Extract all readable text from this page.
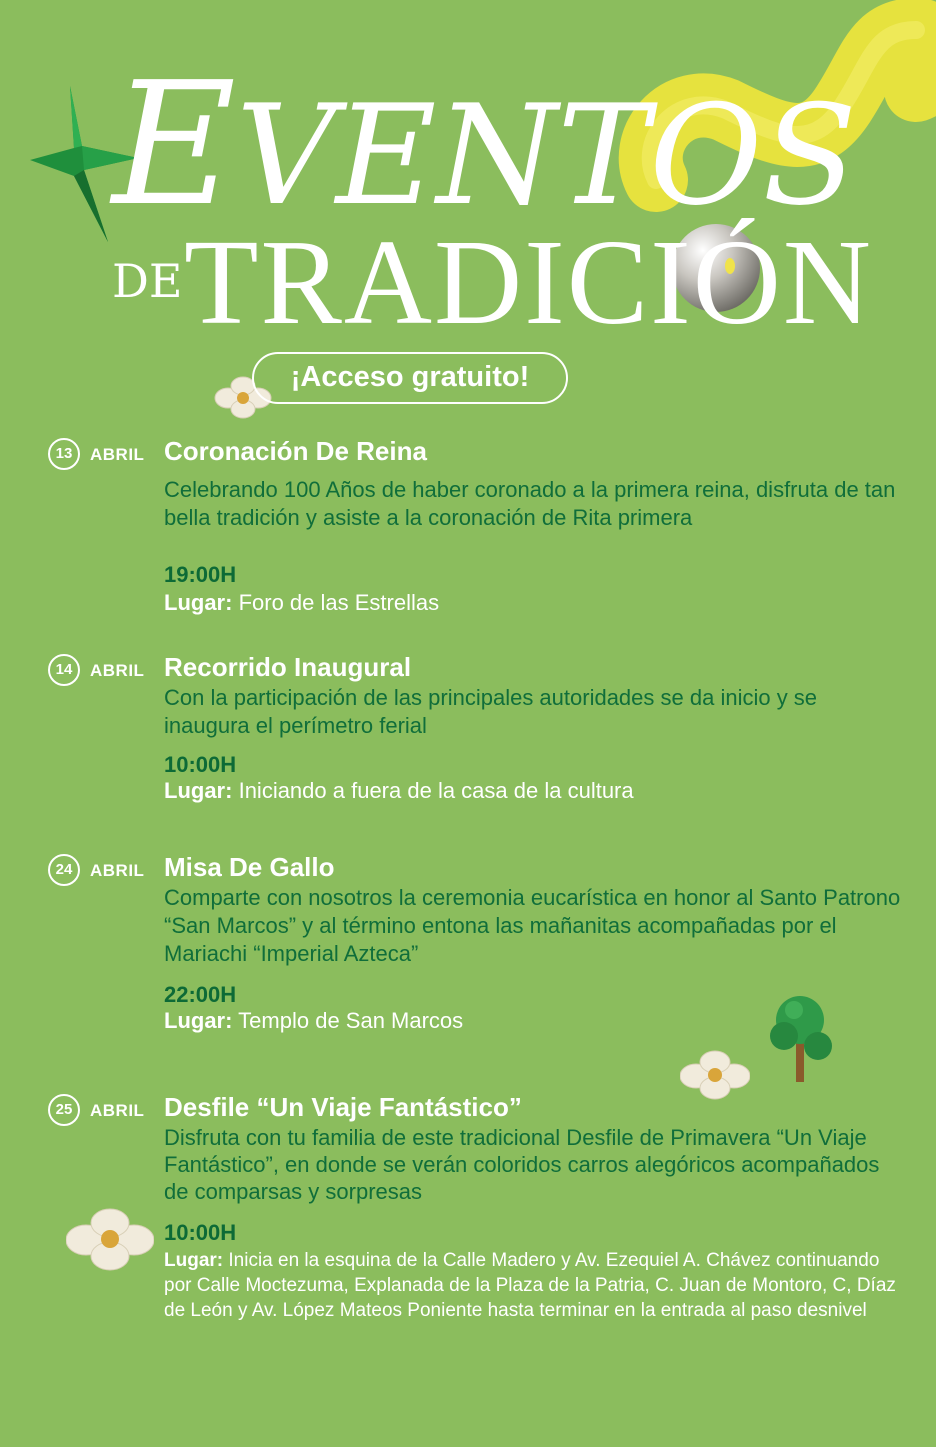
EVENTOS
DE TRADICIÓN
¡Acceso gratuito!
13	ABRIL Coronación De Reina
Celebrando 100 Años de haber coronado a la primera reina, disfruta de tan bella tradición y asiste a la coronación de Rita primera
19:00H
Lugar: Foro de las Estrellas
14	ABRIL Recorrido Inaugural
Con la participación de las principales autoridades se da inicio y se inaugura el perímetro ferial
10:00H
Lugar: Iniciando a fuera de la casa de la cultura
24	ABRIL Misa De Gallo
Comparte con nosotros la ceremonia eucarística en honor al Santo Patrono “San Marcos” y al término entona las mañanitas acompañadas por el Mariachi “Imperial Azteca”
22:00H
Lugar: Templo de San Marcos
25	ABRIL Desfile “Un Viaje Fantástico”
Disfruta con tu familia de este tradicional Desfile de Primavera “Un Viaje Fantástico”, en donde se verán coloridos carros alegóricos acompañados de comparsas y sorpresas
10:00H
Lugar: Inicia en la esquina de la Calle Madero y Av. Ezequiel A. Chávez continuando por Calle Moctezuma, Explanada de la Plaza de la Patria, C. Juan de Montoro, C, Díaz de León y Av. López Mateos Poniente hasta terminar en la entrada al paso desnivel
